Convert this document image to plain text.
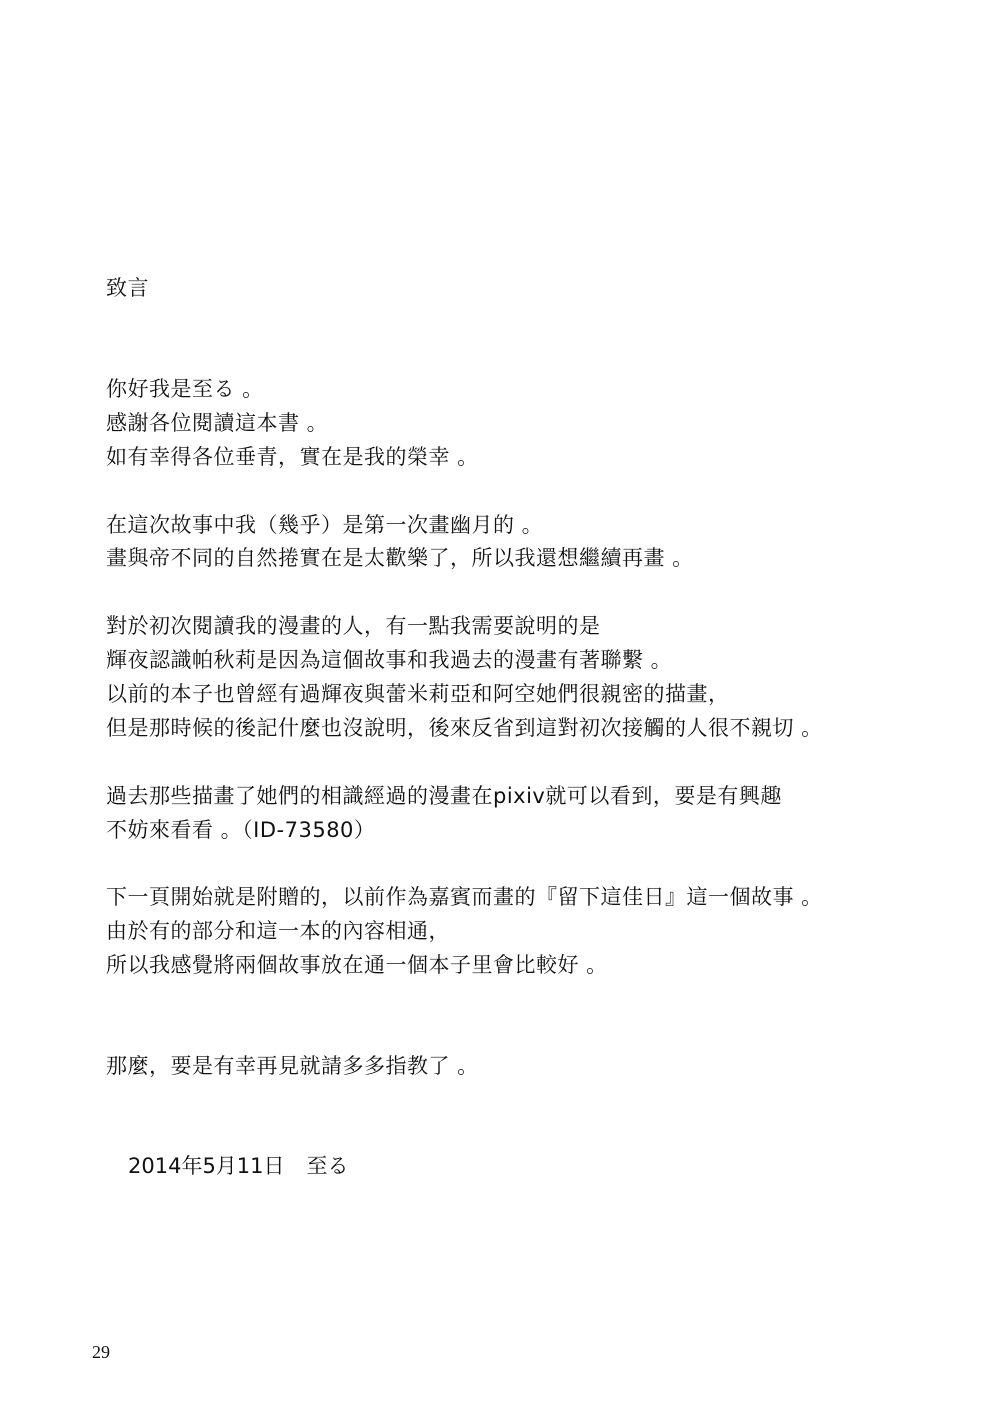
致言
你好我是至る 。
感謝各位閱讀這本書 。
如有幸得各位垂青，實在是我的榮幸 。
在這次故事中我（幾乎）是第一次畫幽月的 。
畫與帝不同的自然捲實在是太歡樂了，所以我還想繼續再畫 。
對於初次閱讀我的漫畫的人，有一點我需要說明的是
輝夜認識帕秋莉是因為這個故事和我過去的漫畫有著聯繫 。
以前的本子也曾經有過輝夜與蕾米莉亞和阿空她們很親密的描畫，
但是那時候的後記什麼也沒說明，後來反省到這對初次接觸的人很不親切 。
過去那些描畫了她們的相識經過的漫畫在pixiv就可以看到，要是有興趣
不妨來看看 。（ID-73580）
下一頁開始就是附贈的，以前作為嘉賓而畫的『留下這佳日』這一個故事 。
由於有的部分和這一本的內容相通，
所以我感覺將兩個故事放在通一個本子里會比較好 。
那麼，要是有幸再見就請多多指教了 。
2014年5月11日 至る
29
